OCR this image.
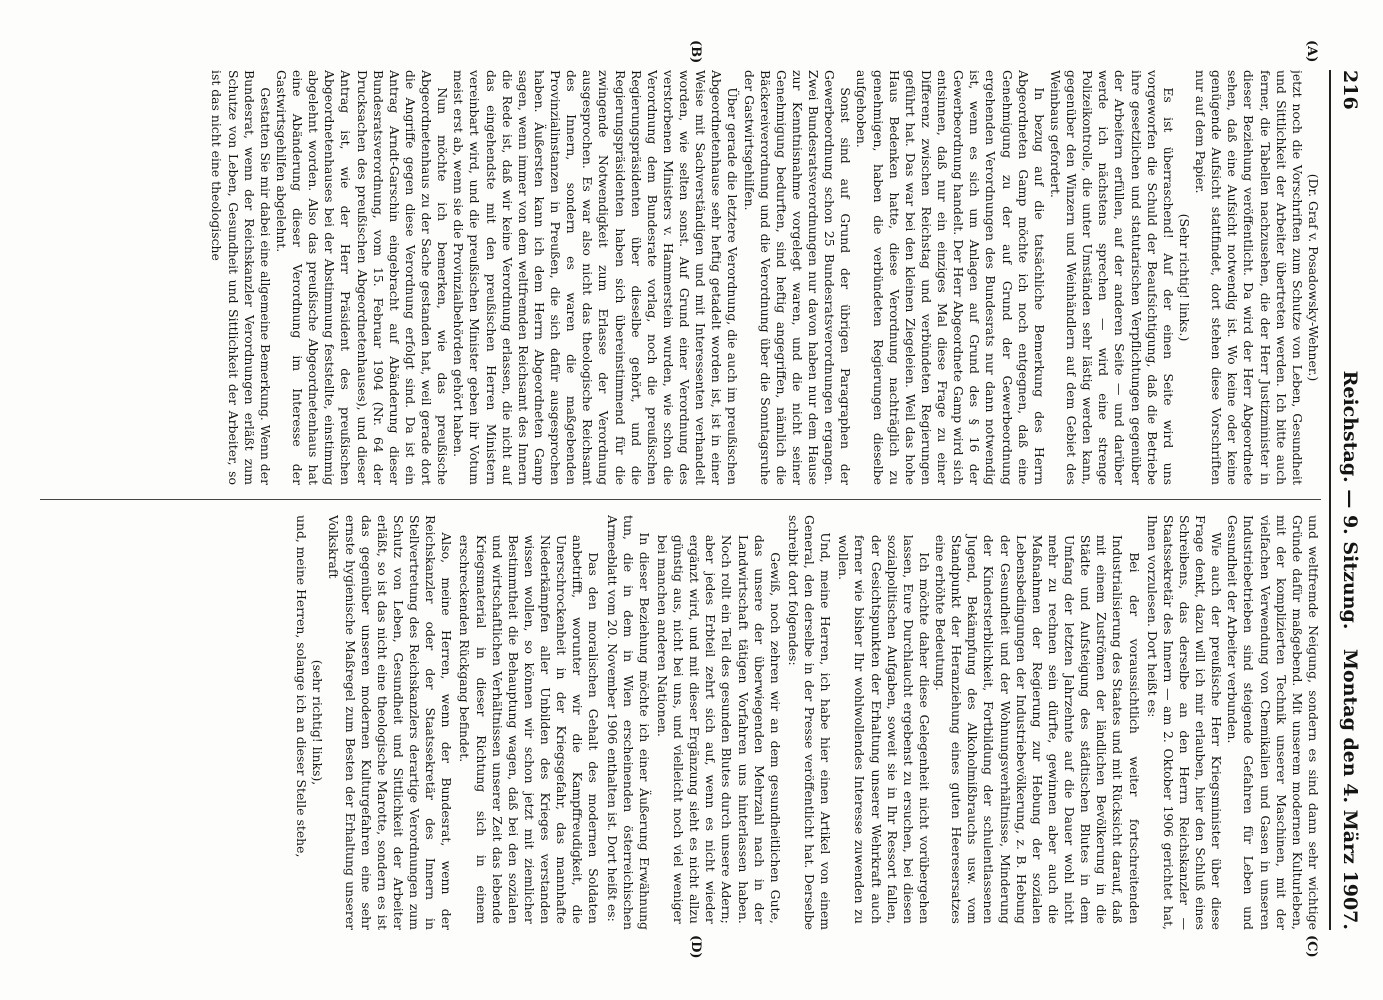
216
Reichstag. — 9. Sitzung.
Montag den 4. März 1907.
(A)
(B)
(C)
(D)

(Dr. Graf v. Posadowsky-Wehner.)

jetzt noch die Vorschriften zum Schutze von Leben, Gesundheit und Sittlichkeit der Arbeiter übertreten werden. Ich bitte auch ferner, die Tabellen nachzusehen, die der Herr Justizminister in dieser Beziehung veröffentlicht. Da wird der Herr Abgeordnete sehen, daß eine Aufsicht notwendig ist. Wo keine oder keine genügende Aufsicht stattfindet, dort stehen diese Vorschriften nur auf dem Papier.

(Sehr richtig! links.)

Es ist überraschend! Auf der einen Seite wird uns vorgeworfen die Schuld der Beaufsichtigung, daß die Betriebe ihre gesetzlichen und statutarischen Verpflichtungen gegenüber der Arbeitern erfüllen, auf der anderen Seite — und darüber werde ich nächstens sprechen — wird eine strenge Polizeikontrolle, die unter Umständen sehr lästig werden kann, gegenüber den Winzern und Weinhändlern auf dem Gebiet des Weinbaus gefordert.

In bezug auf die tatsächliche Bemerkung des Herrn Abgeordneten Gamp möchte ich noch entgegnen, daß eine Genehmigung zu der auf Grund der Gewerbeordnung ergehenden Verordnungen des Bundesrats nur dann notwendig ist, wenn es sich um Anlagen auf Grund des § 16 der Gewerbeordnung handelt. Der Herr Abgeordnete Gamp wird sich entsinnen, daß nur ein einziges Mal diese Frage zu einer Differenz zwischen Reichstag und verbündeten Regierungen geführt hat. Das war bei den kleinen Ziegeleien. Weil das hohe Haus Bedenken hatte, diese Verordnung nachträglich zu genehmigen, haben die verbündeten Regierungen dieselbe aufgehoben.

Sonst sind auf Grund der übrigen Paragraphen der Gewerbeordnung schon 25 Bundesratsverordnungen ergangen. Zwei Bundesratsverordnungen nur davon haben nur dem Hause zur Kenntnisnahme vorgelegt waren, und die nicht seiner Genehmigung bedurften, sind heftig angegriffen, nämlich die Bäckereiverordnung und die Verordnung über die Sonntagsruhe der Gastwirtsgehilfen.

Über gerade die letztere Verordnung, die auch im preußischen Abgeordnetenhause sehr heftig getadelt worden ist, ist in einer Weise mit Sachverständigen und mit Interessenten verhandelt worden, wie selten sonst. Auf Grund einer Verordnung des verstorbenen Ministers v. Hammerstein wurden, wie schon die Verordnung dem Bundesrate vorlag, noch die preußischen Regierungspräsidenten über dieselbe gehört, und die Regierungspräsidenten haben sich übereinstimmend für die zwingende Notwendigkeit zum Erlasse der Verordnung ausgesprochen. Es war also nicht das theologische Reichsamt des Innern, sondern es waren die maßgebenden Provinzialinstanzen in Preußen, die sich dafür ausgesprochen haben. Äußersten kann ich dem Herrn Abgeordneten Gamp sagen, wenn immer von dem weltfremden Reichsamt des Innern die Rede ist, daß wir keine Verordnung erlassen, die nicht auf das eingehendste mit den preußischen Herren Ministern vereinbart wird, und die preußischen Minister geben ihr Votum meist erst ab, wenn sie die Provinzialbehörden gehört haben.

Nun möchte ich bemerken, wie das preußische Abgeordnetenhaus zu der Sache gestanden hat, weil gerade dort die Angriffe gegen diese Verordnung erfolgt sind. Da ist ein Antrag Arndt-Garschin eingebracht auf Abänderung dieser Bundesratsverordnung, vom 15. Februar 1904 (Nr. 64 der Drucksachen des preußischen Abgeordnetenhauses), und dieser Antrag ist, wie der Herr Präsident des preußischen Abgeordnetenhauses bei der Abstimmung feststellte, einstimmig abgelehnt worden. Also das preußische Abgeordnetenhaus hat eine Abänderung dieser Verordnung im Interesse der Gastwirtsgehilfen abgelehnt.

Gestatten Sie mir dabei eine allgemeine Bemerkung. Wenn der Bundesrat, wenn der Reichskanzler Verordnungen erläßt zum Schutze von Leben, Gesundheit und Sittlichkeit der Arbeiter, so ist das nicht eine theologische

und weltfremde Neigung, sondern es sind dann sehr wichtige Gründe dafür maßgebend. Mit unserem modernen Kulturleben, mit der komplizierten Technik unserer Maschinen, mit der vielfachen Verwendung von Chemikalien und Gasen in unseren Industriebetrieben sind steigende Gefahren für Leben und Gesundheit der Arbeiter verbunden.

Wie auch der preußische Herr Kriegsminister über diese Frage denkt, dazu will ich mir erlauben, hier den Schluß eines Schreibens, das derselbe an den Herrn Reichskanzler — Staatssekretär des Innern — am 2. Oktober 1906 gerichtet hat, Ihnen vorzulesen. Dort heißt es:

Bei der voraussichtlich weiter fortschreitenden Industrialisierung des Staates und mit Rücksicht darauf, daß mit einem Zuströmen der ländlichen Bevölkerung in die Städte und Aufsteigung des städtischen Blutes in dem Umfang der letzten Jahrzehnte auf die Dauer wohl nicht mehr zu rechnen sein dürfte, gewinnen aber auch die Maßnahmen der Regierung zur Hebung der sozialen Lebensbedingungen der Industriebevölkerung, z. B. Hebung der Gesundheit und der Wohnungsverhältnisse, Minderung der Kindersterblichkeit, Fortbildung der schulentlassenen Jugend, Bekämpfung des Alkoholmißbrauchs usw. vom Standpunkt der Heranziehung eines guten Heeresersatzes eine erhöhte Bedeutung.

Ich möchte daher diese Gelegenheit nicht vorübergehen lassen, Eure Durchlaucht ergebenst zu ersuchen, bei diesen sozialpolitischen Aufgaben, soweit sie in Ihr Ressort fallen, der Gesichtspunkten der Erhaltung unserer Wehrkraft auch ferner wie bisher Ihr wohlwollendes Interesse zuwenden zu wollen.

Und, meine Herren, ich habe hier einen Artikel von einem General, den derselbe in der Presse veröffentlicht hat. Derselbe schreibt dort folgendes:

Gewiß, noch zehren wir an dem gesundheitlichen Gute, das unsere der überwiegenden Mehrzahl nach in der Landwirtschaft tätigen Vorfahren uns hinterlassen haben. Noch rollt ein Teil des gesunden Blutes durch unsere Adern; aber jedes Erbteil zehrt sich auf, wenn es nicht wieder ergänzt wird, und mit dieser Ergänzung sieht es nicht allzu günstig aus, nicht bei uns, und vielleicht noch viel weniger bei manchen anderen Nationen.

In dieser Beziehung möchte ich einer Äußerung Erwähnung tun, die in dem in Wien erscheinenden österreichischen Armeeblatt vom 20. November 1906 enthalten ist. Dort heißt es:

Das den moralischen Gehalt des modernen Soldaten anbetrifft, worunter wir die Kampffreudigkeit, die Unerschrockenheit in der Kriegsgefahr, das mannhafte Niederkämpfen aller Unbilden des Krieges verstanden wissen wollen, so können wir schon jetzt mit ziemlicher Bestimmtheit die Behauptung wagen, daß bei den sozialen und wirtschaftlichen Verhältnissen unserer Zeit das lebende Kriegsmaterial in dieser Richtung sich in einem erschreckenden Rückgang befindet.

Also, meine Herren, wenn der Bundesrat, wenn der Reichskanzler oder der Staatssekretär des Innern in Stellvertretung des Reichskanzlers derartige Verordnungen zum Schutz von Leben, Gesundheit und Sittlichkeit der Arbeiter erläßt, so ist das nicht eine theologische Marotte, sondern es ist das gegenüber unseren modernen Kulturgefahren eine sehr ernste hygienische Maßregel zum Besten der Erhaltung unserer Volkskraft

(sehr richtig! links),

und, meine Herren, solange ich an dieser Stelle stehe,
